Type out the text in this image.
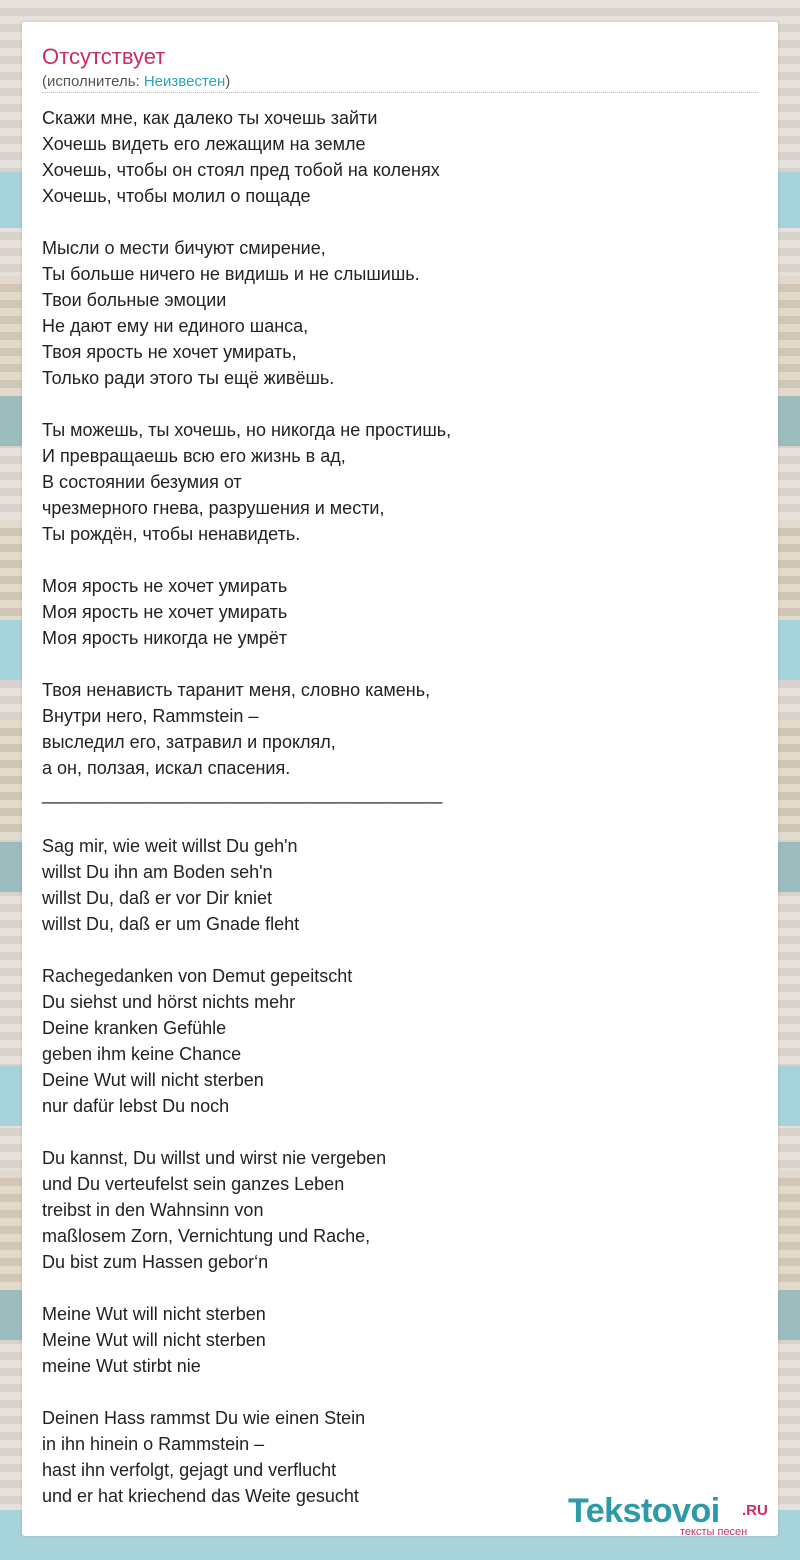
Отсутствует
(исполнитель: Неизвестен)
Скажи мне, как далеко ты хочешь зайти
Хочешь видеть его лежащим на земле
Хочешь, чтобы он стоял пред тобой на коленях
Хочешь, чтобы молил о пощаде
Мысли о мести бичуют смирение,
Ты больше ничего не видишь и не слышишь.
Твои больные эмоции
Не дают ему ни единого шанса,
Твоя ярость не хочет умирать,
Только ради этого ты ещё живёшь.
Ты можешь, ты хочешь, но никогда не простишь,
И превращаешь всю его жизнь в ад,
В состоянии безумия от
чрезмерного гнева, разрушения и мести,
Ты рождён, чтобы ненавидеть.
Моя ярость не хочет умирать
Моя ярость не хочет умирать
Моя ярость никогда не умрёт
Твоя ненависть таранит меня, словно камень,
Внутри него, Rammstein –
выследил его, затравил и проклял,
а он, ползая, искал спасения.
________________________________________
Sag mir, wie weit willst Du geh'n
willst Du ihn am Boden seh'n
willst Du, daß er vor Dir kniet
willst Du, daß er um Gnade fleht
Rachegedanken von Demut gepeitscht
Du siehst und hörst nichts mehr
Deine kranken Gefühle
geben ihm keine Chance
Deine Wut will nicht sterben
nur dafür lebst Du noch
Du kannst, Du willst und wirst nie vergeben
und Du verteufelst sein ganzes Leben
treibst in den Wahnsinn von
maßlosem Zorn, Vernichtung und Rache,
Du bist zum Hassen gebor‘n
Meine Wut will nicht sterben
Meine Wut will nicht sterben
meine Wut stirbt nie
Deinen Hass rammst Du wie einen Stein
in ihn hinein o Rammstein –
hast ihn verfolgt, gejagt und verflucht
und er hat kriechend das Weite gesucht	Tekstovoi .RU
тексты песен
